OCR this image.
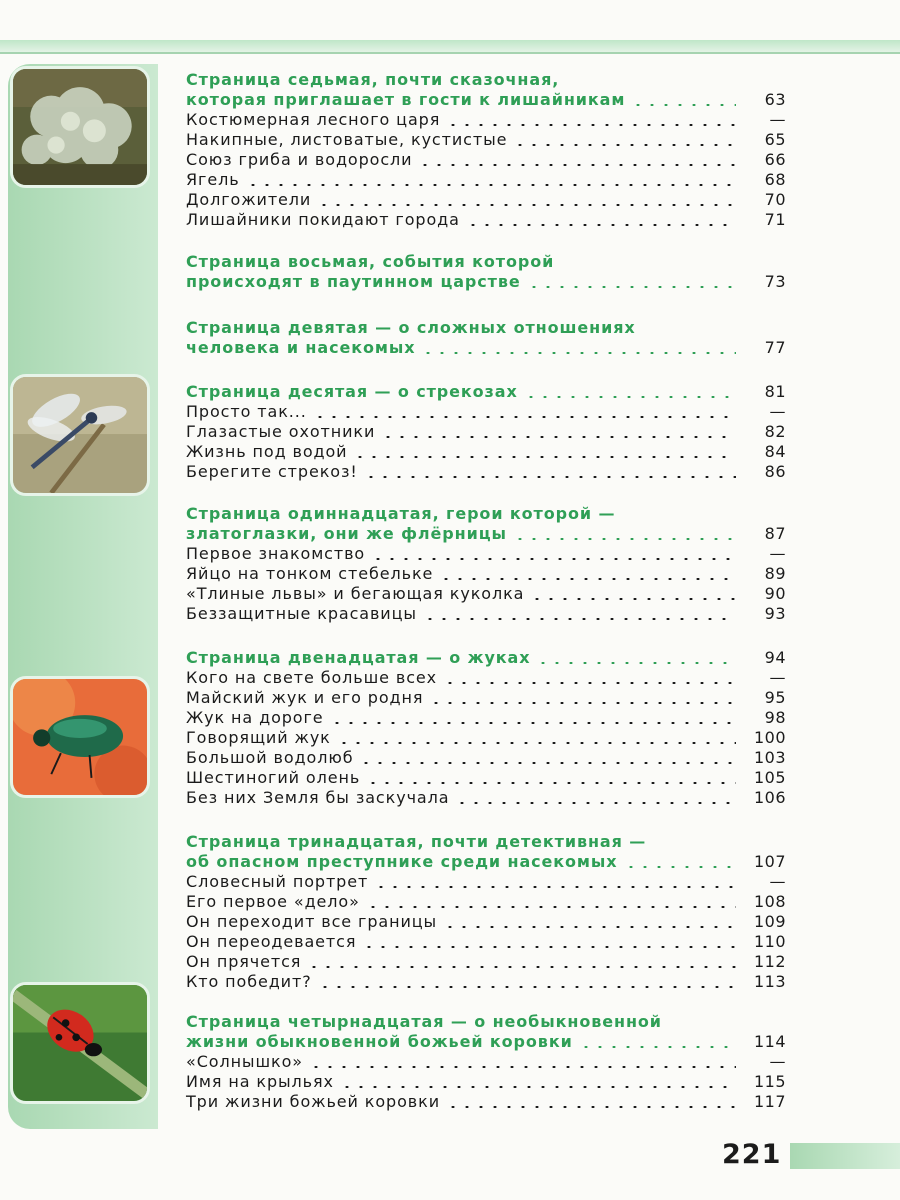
Страница седьмая, почти сказочная,
которая приглашает в гости к лишайникам	63
Костюмерная лесного царя	—
Накипные, листоватые, кустистые	65
Союз гриба и водоросли	66
Ягель	68
Долгожители	70
Лишайники покидают города	71
Страница восьмая, события которой
происходят в паутинном царстве	73
Страница девятая — о сложных отношениях
человека и насекомых	77
Страница десятая — о стрекозах	81
Просто так...	—
Глазастые охотники	82
Жизнь под водой	84
Берегите стрекоз!	86
Страница одиннадцатая, герои которой —
златоглазки, они же флёрницы	87
Первое знакомство	—
Яйцо на тонком стебельке	89
«Тлиные львы» и бегающая куколка	90
Беззащитные красавицы	93
Страница двенадцатая — о жуках	94
Кого на свете больше всех	—
Майский жук и его родня	95
Жук на дороге	98
Говорящий жук	100
Большой водолюб	103
Шестиногий олень	105
Без них Земля бы заскучала	106
Страница тринадцатая, почти детективная —
об опасном преступнике среди насекомых	107
Словесный портрет	—
Его первое «дело»	108
Он переходит все границы	109
Он переодевается	110
Он прячется	112
Кто победит?	113
Страница четырнадцатая — о необыкновенной
жизни обыкновенной божьей коровки	114
«Солнышко»	—
Имя на крыльях	115
Три жизни божьей коровки	117
221
